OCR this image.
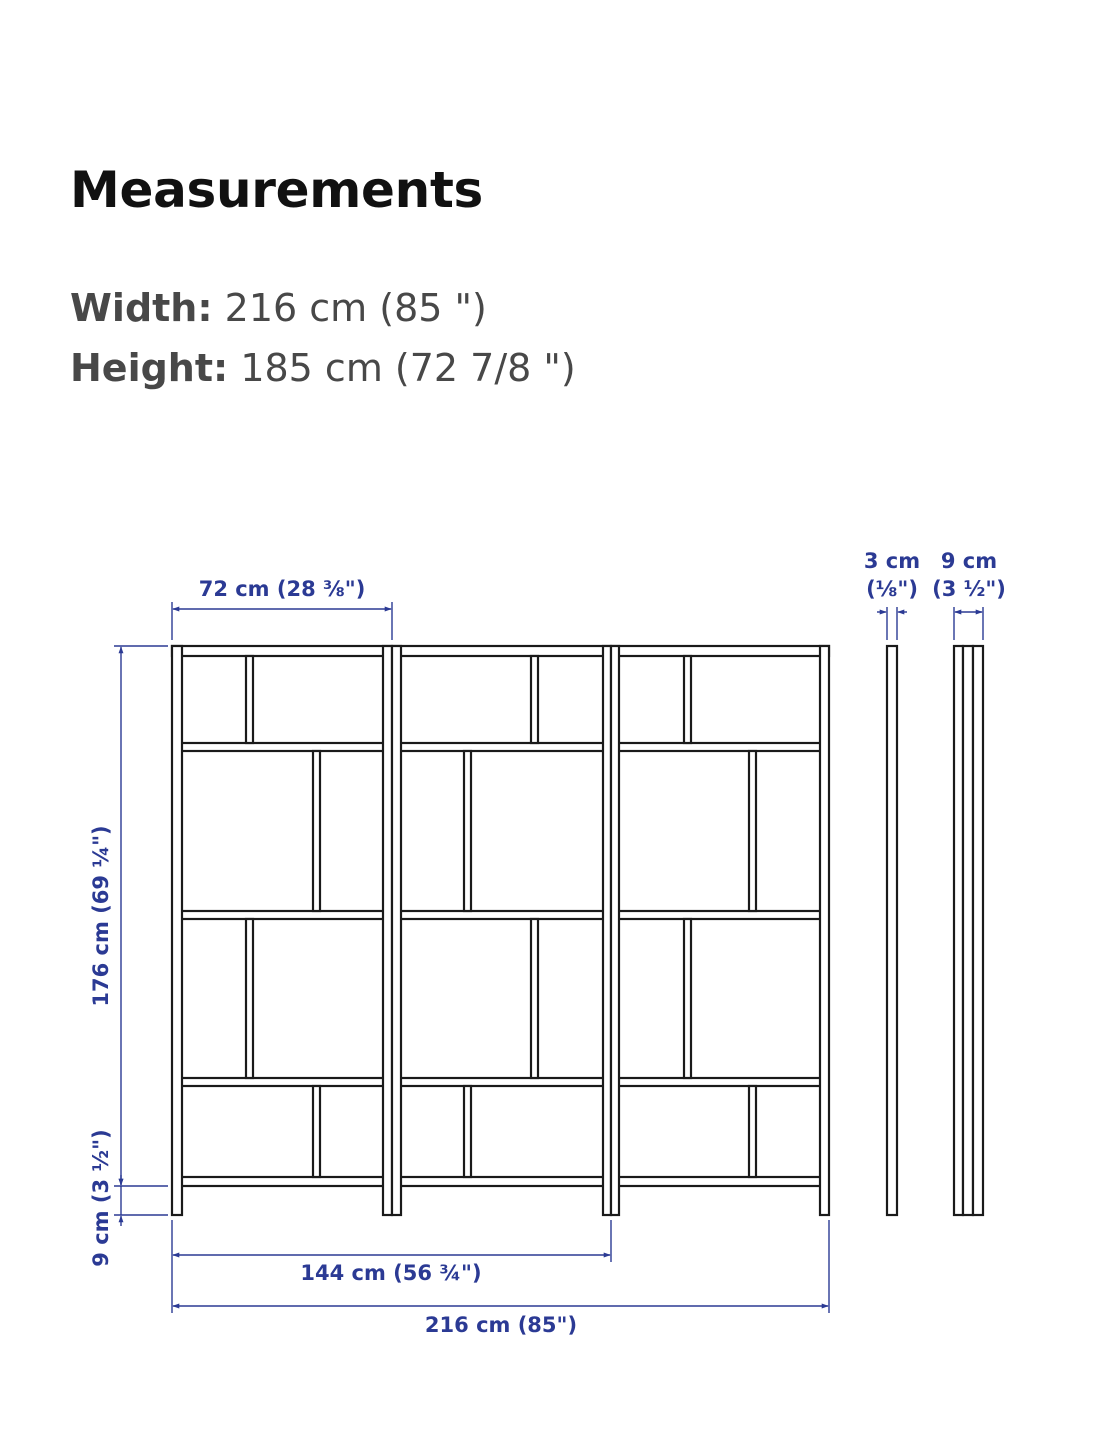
Measurements
Width: 216 cm (85 ")
Height: 185 cm (72 7/8 ")
72 cm (28 ⅜")
176 cm (69 ¼")
9 cm (3 ½")
144 cm (56 ¾")
216 cm (85")
3 cm
(⅛")
9 cm
(3 ½")
